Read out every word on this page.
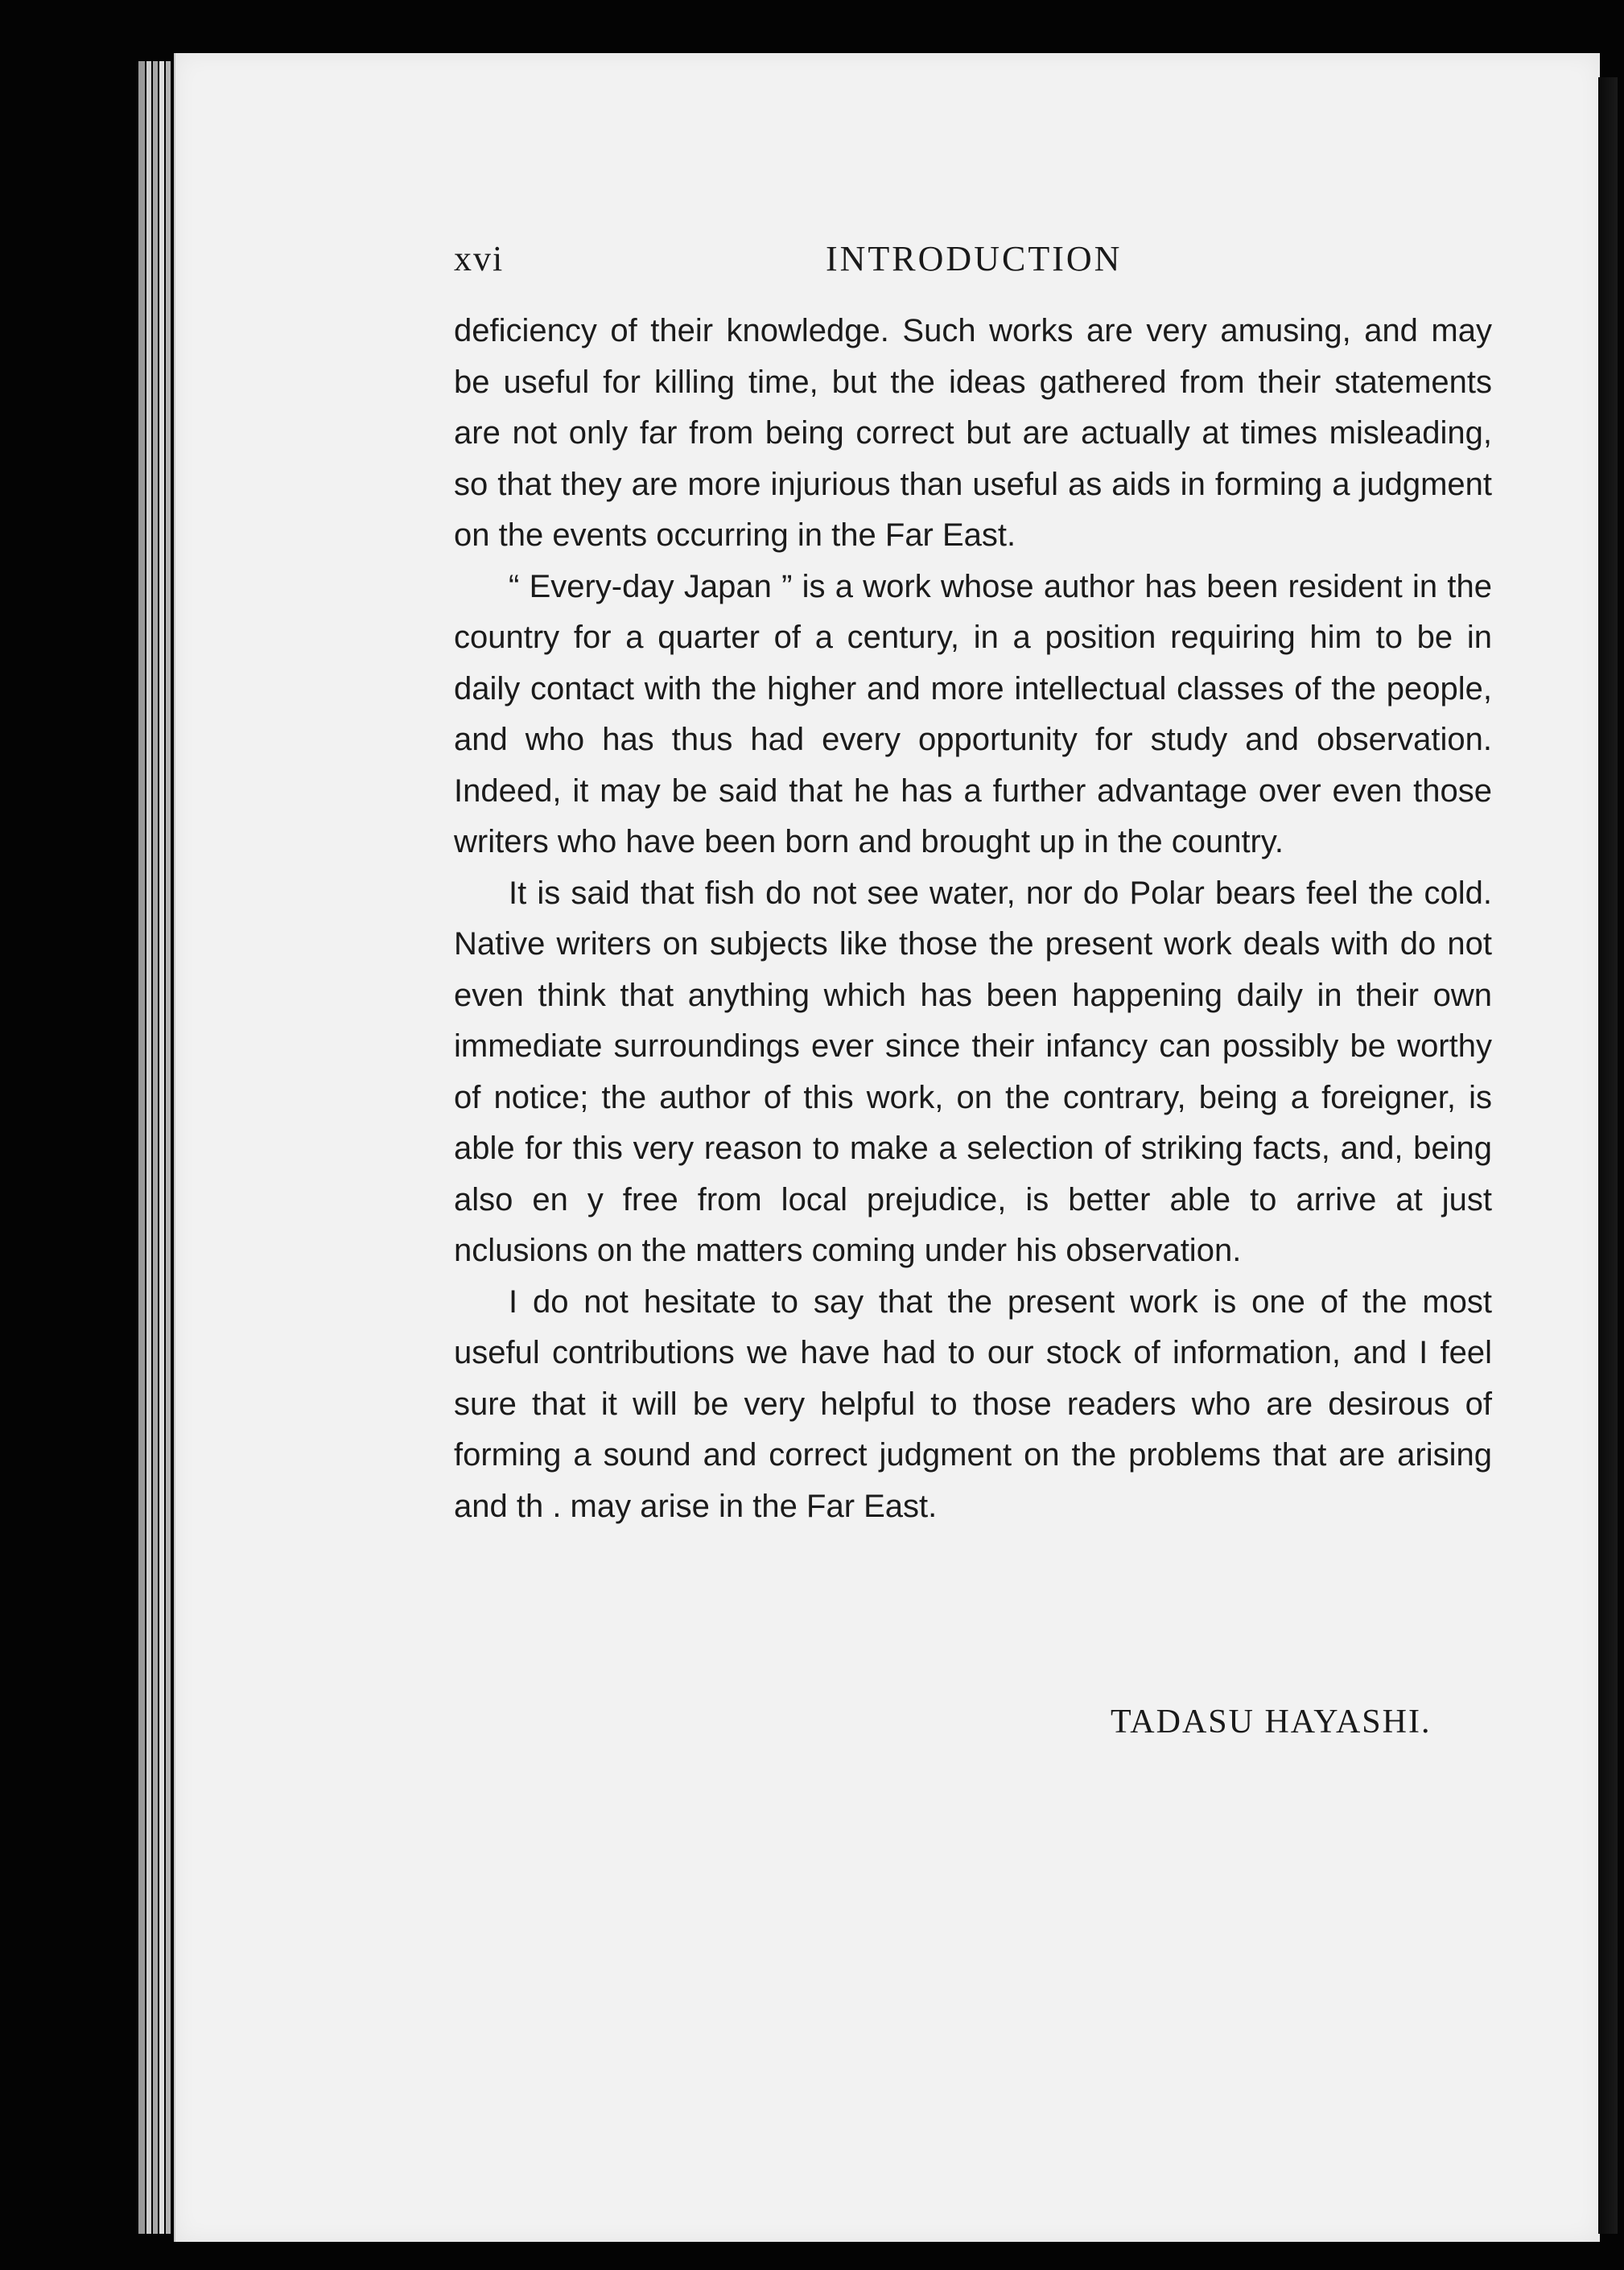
xvi	INTRODUCTION

deficiency of their knowledge. Such works are very amusing, and may be useful for killing time, but the ideas gathered from their statements are not only far from being correct but are actually at times misleading, so that they are more injurious than useful as aids in forming a judgment on the events occurring in the Far East.

“ Every-day Japan ” is a work whose author has been resident in the country for a quarter of a century, in a position requiring him to be in daily contact with the higher and more intellectual classes of the people, and who has thus had every opportunity for study and observation. Indeed, it may be said that he has a further advantage over even those writers who have been born and brought up in the country.

It is said that fish do not see water, nor do Polar bears feel the cold. Native writers on subjects like those the present work deals with do not even think that anything which has been happening daily in their own immediate surroundings ever since their infancy can possibly be worthy of notice; the author of this work, on the contrary, being a foreigner, is able for this very reason to make a selection of striking facts, and, being also en y free from local prejudice, is better able to arrive at just nclusions on the matters coming under his observation.

I do not hesitate to say that the present work is one of the most useful contributions we have had to our stock of information, and I feel sure that it will be very helpful to those readers who are desirous of forming a sound and correct judgment on the problems that are arising and th . may arise in the Far East.

TADASU HAYASHI.
